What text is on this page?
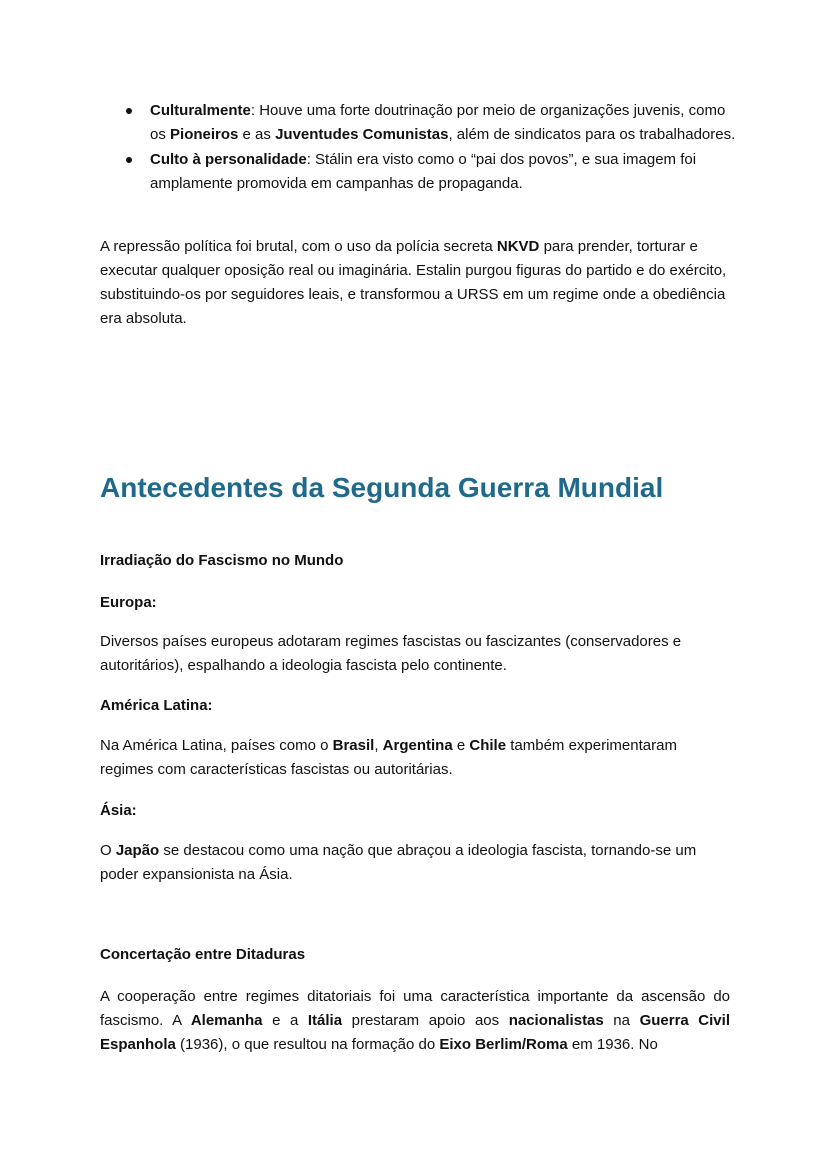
Culturalmente: Houve uma forte doutrinação por meio de organizações juvenis, como os Pioneiros e as Juventudes Comunistas, além de sindicatos para os trabalhadores.
Culto à personalidade: Stálin era visto como o “pai dos povos”, e sua imagem foi amplamente promovida em campanhas de propaganda.

A repressão política foi brutal, com o uso da polícia secreta NKVD para prender, torturar e executar qualquer oposição real ou imaginária. Estalin purgou figuras do partido e do exército, substituindo-os por seguidores leais, e transformou a URSS em um regime onde a obediência era absoluta.

Antecedentes da Segunda Guerra Mundial

Irradiação do Fascismo no Mundo

Europa:

Diversos países europeus adotaram regimes fascistas ou fascizantes (conservadores e autoritários), espalhando a ideologia fascista pelo continente.

América Latina:

Na América Latina, países como o Brasil, Argentina e Chile também experimentaram regimes com características fascistas ou autoritárias.

Ásia:

O Japão se destacou como uma nação que abraçou a ideologia fascista, tornando-se um poder expansionista na Ásia.

Concertação entre Ditaduras

A cooperação entre regimes ditatoriais foi uma característica importante da ascensão do fascismo. A Alemanha e a Itália prestaram apoio aos nacionalistas na Guerra Civil Espanhola (1936), o que resultou na formação do Eixo Berlim/Roma em 1936. No
